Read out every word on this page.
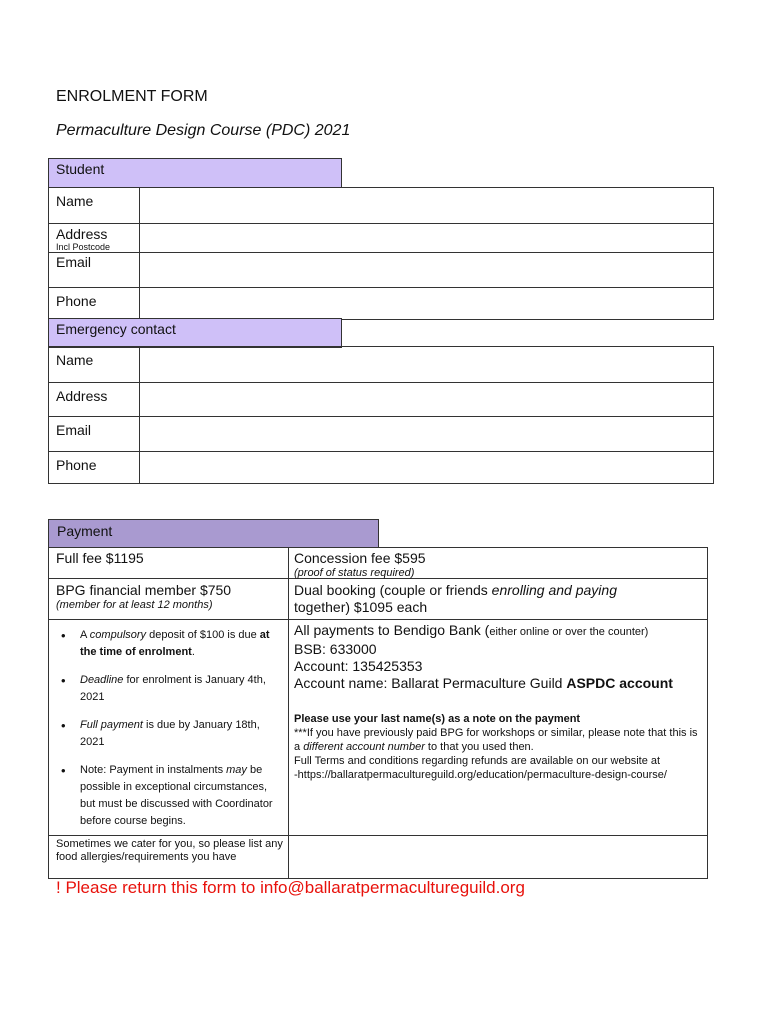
ENROLMENT FORM
Permaculture Design Course (PDC) 2021
Student
Name
Address
Incl Postcode
Email
Phone
Emergency contact
Name
Address
Email
Phone
Payment
Full fee $1195	Concession fee $595
(proof of status required)
BPG financial member $750
(member for at least 12 months)
Dual booking (couple or friends enrolling and paying
together) $1095 each
• A compulsory deposit of $100 is due at the time of enrolment.
• Deadline for enrolment is January 4th, 2021
• Full payment is due by January 18th, 2021
• Note: Payment in instalments may be possible in exceptional circumstances, but must be discussed with Coordinator before course begins.
All payments to Bendigo Bank (either online or over the counter)
BSB: 633000
Account: 135425353
Account name: Ballarat Permaculture Guild ASPDC account
Please use your last name(s) as a note on the payment
***If you have previously paid BPG for workshops or similar, please note that this is a different account number to that you used then.
Full Terms and conditions regarding refunds are available on our website at
-https://ballaratpermacultureguild.org/education/permaculture-design-course/
Sometimes we cater for you, so please list any food allergies/requirements you have
! Please return this form to info@ballaratpermacultureguild.org
